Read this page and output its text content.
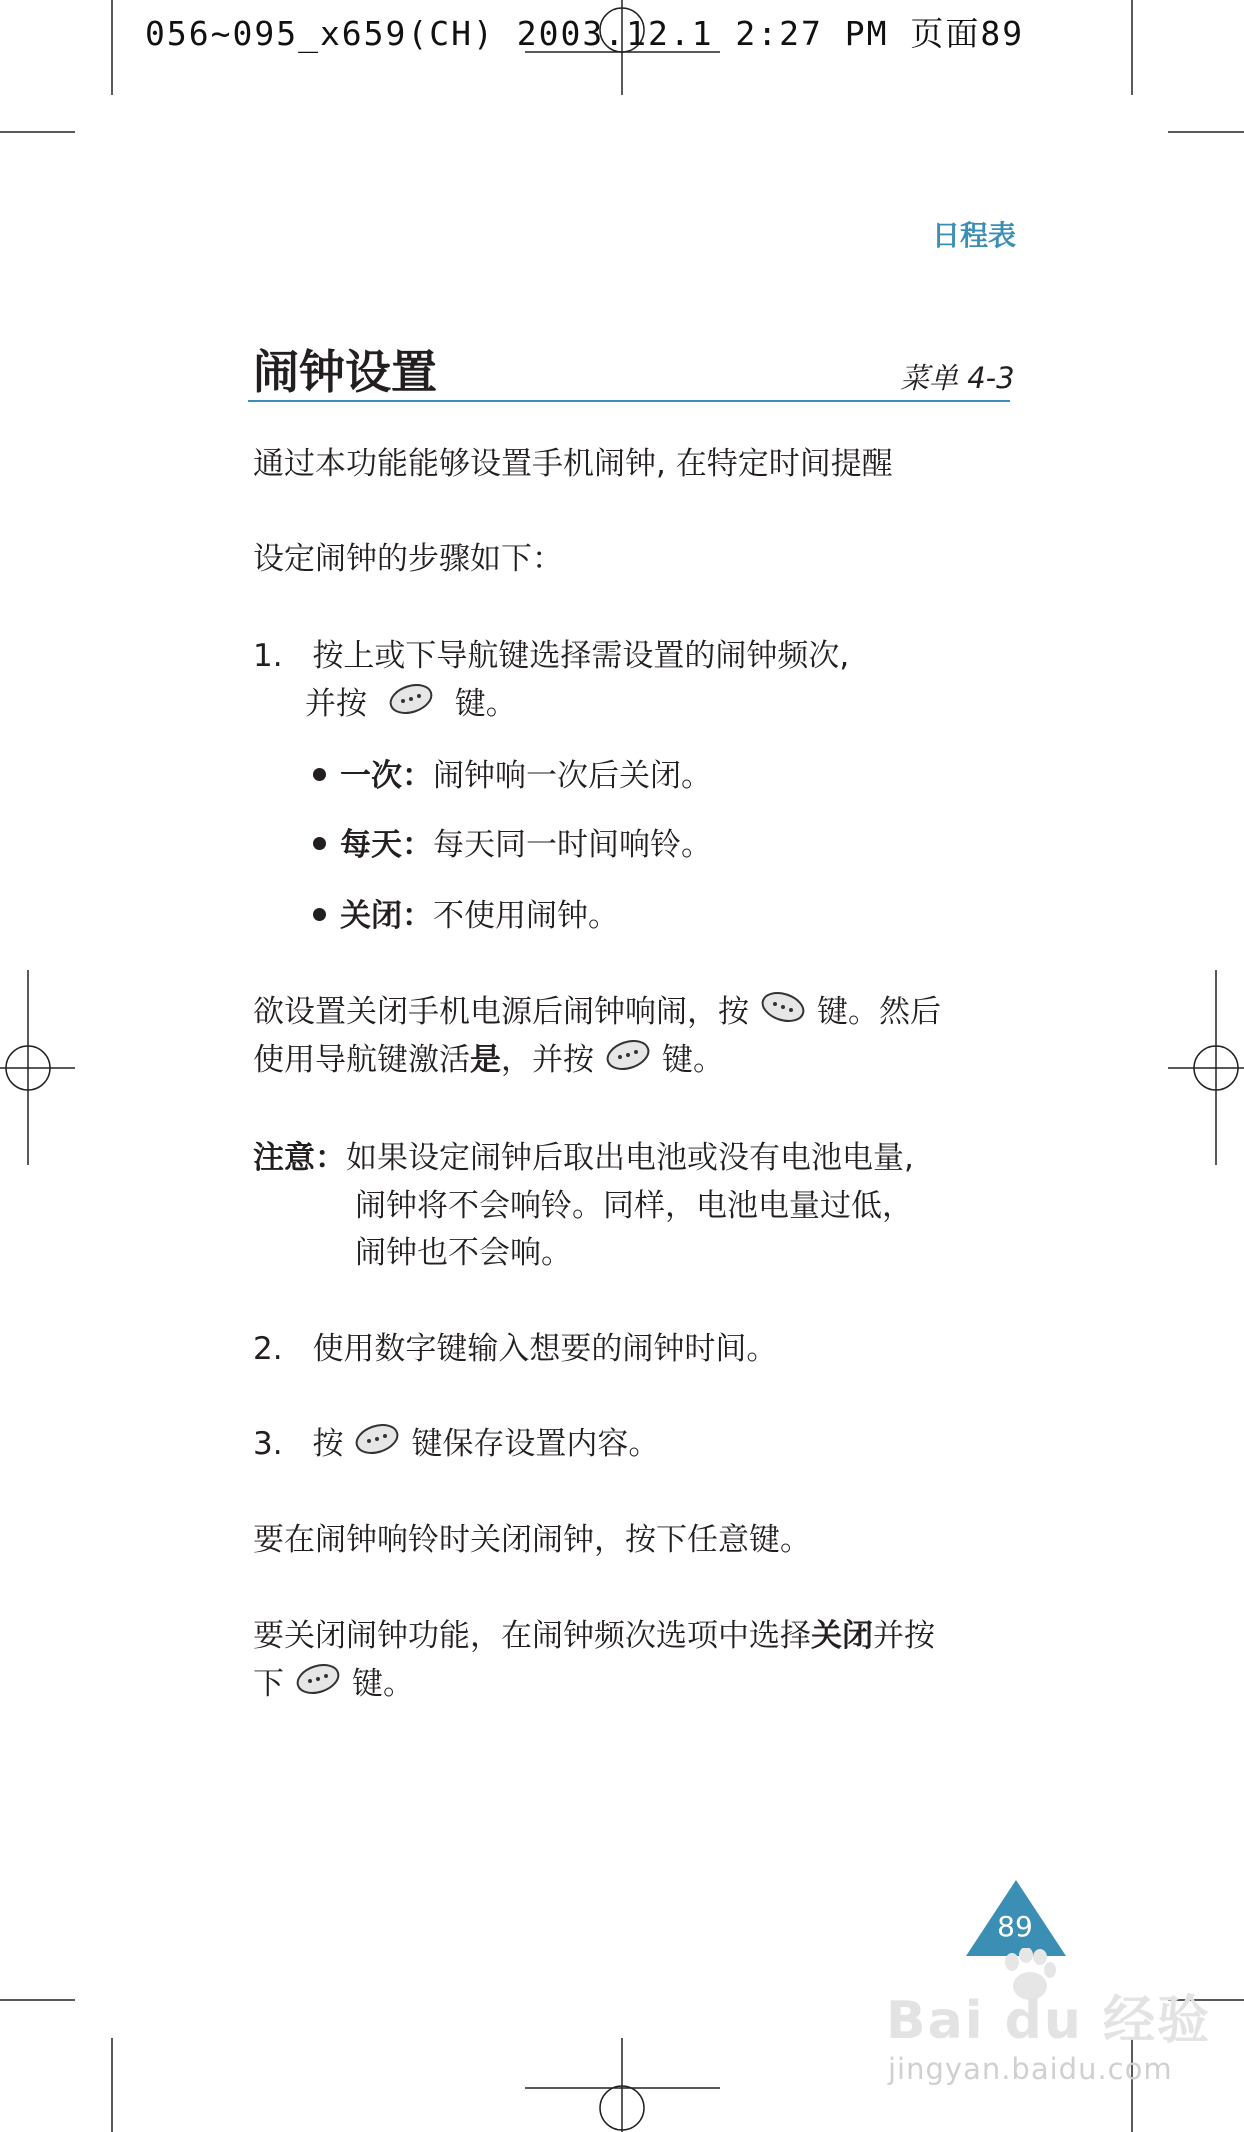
056~095_x659(CH) 2003.12.1 2:27 PM 页面89
日程表
闹钟设置	菜单 4-3
通过本功能能够设置手机闹钟, 在特定时间提醒
设定闹钟的步骤如下：
1. 按上或下导航键选择需设置的闹钟频次,
并按	键。
一次：闹钟响一次后关闭。
每天：每天同一时间响铃。
关闭：不使用闹钟。
欲设置关闭手机电源后闹钟响闹，按 键。然后
使用导航键激活是，并按 键。
注意：如果设定闹钟后取出电池或没有电池电量,
闹钟将不会响铃。同样，电池电量过低，
闹钟也不会响。
2. 使用数字键输入想要的闹钟时间。
3. 按 键保存设置内容。
要在闹钟响铃时关闭闹钟，按下任意键。
要关闭闹钟功能，在闹钟频次选项中选择关闭并按
下 键。
89
Bai du 经验
jingyan.baidu.com
